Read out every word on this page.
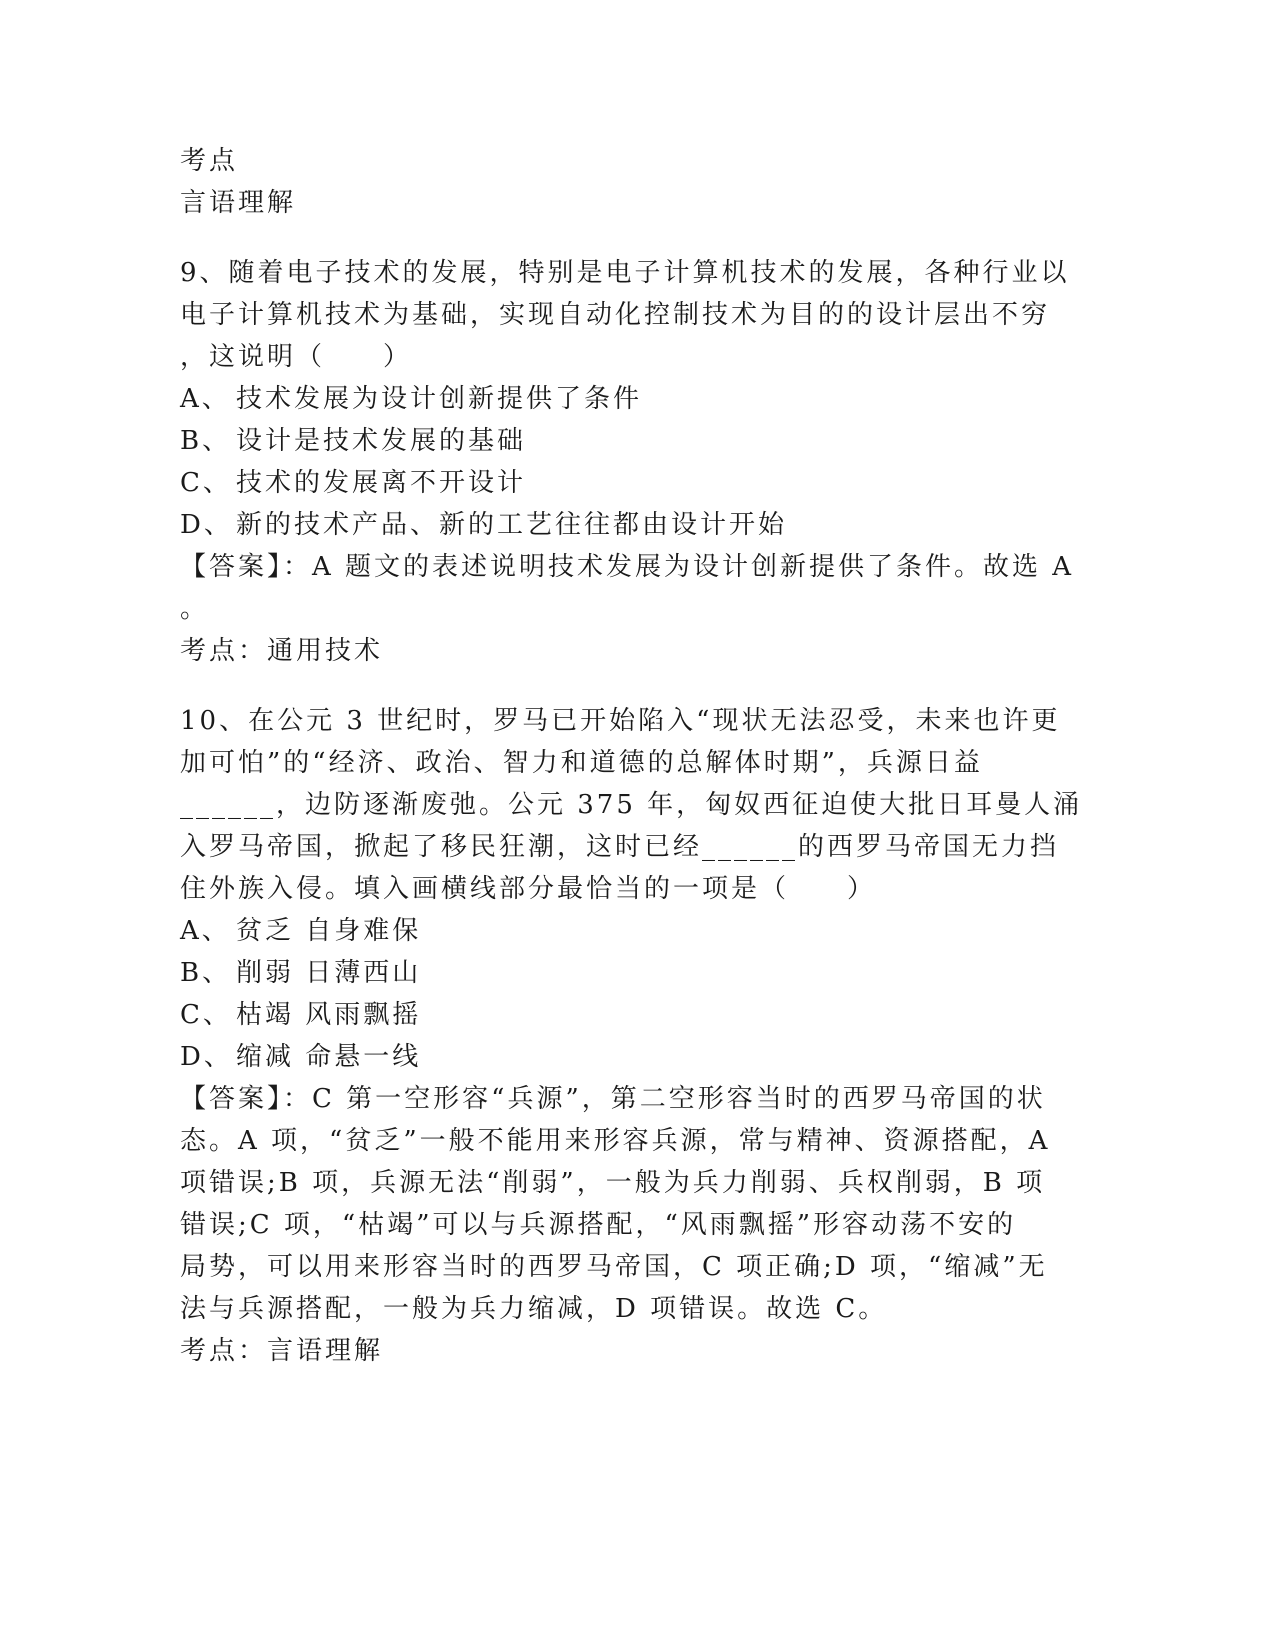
考点
言语理解
9、随着电子技术的发展，特别是电子计算机技术的发展，各种行业以
电子计算机技术为基础，实现自动化控制技术为目的的设计层出不穷
，这说明（　　）
A、 技术发展为设计创新提供了条件
B、 设计是技术发展的基础
C、 技术的发展离不开设计
D、 新的技术产品、新的工艺往往都由设计开始
【答案】：A 题文的表述说明技术发展为设计创新提供了条件。故选 A
。
考点：通用技术
10、在公元 3 世纪时，罗马已开始陷入“现状无法忍受，未来也许更
加可怕”的“经济、政治、智力和道德的总解体时期”，兵源日益
______，边防逐渐废弛。公元 375 年，匈奴西征迫使大批日耳曼人涌
入罗马帝国，掀起了移民狂潮，这时已经______的西罗马帝国无力挡
住外族入侵。填入画横线部分最恰当的一项是（　　）
A、 贫乏 自身难保
B、 削弱 日薄西山
C、 枯竭 风雨飘摇
D、 缩减 命悬一线
【答案】：C 第一空形容“兵源”，第二空形容当时的西罗马帝国的状
态。A 项，“贫乏”一般不能用来形容兵源，常与精神、资源搭配，A
项错误;B 项，兵源无法“削弱”，一般为兵力削弱、兵权削弱，B 项
错误;C 项，“枯竭”可以与兵源搭配，“风雨飘摇”形容动荡不安的
局势，可以用来形容当时的西罗马帝国，C 项正确;D 项，“缩减”无
法与兵源搭配，一般为兵力缩减，D 项错误。故选 C。
考点：言语理解
